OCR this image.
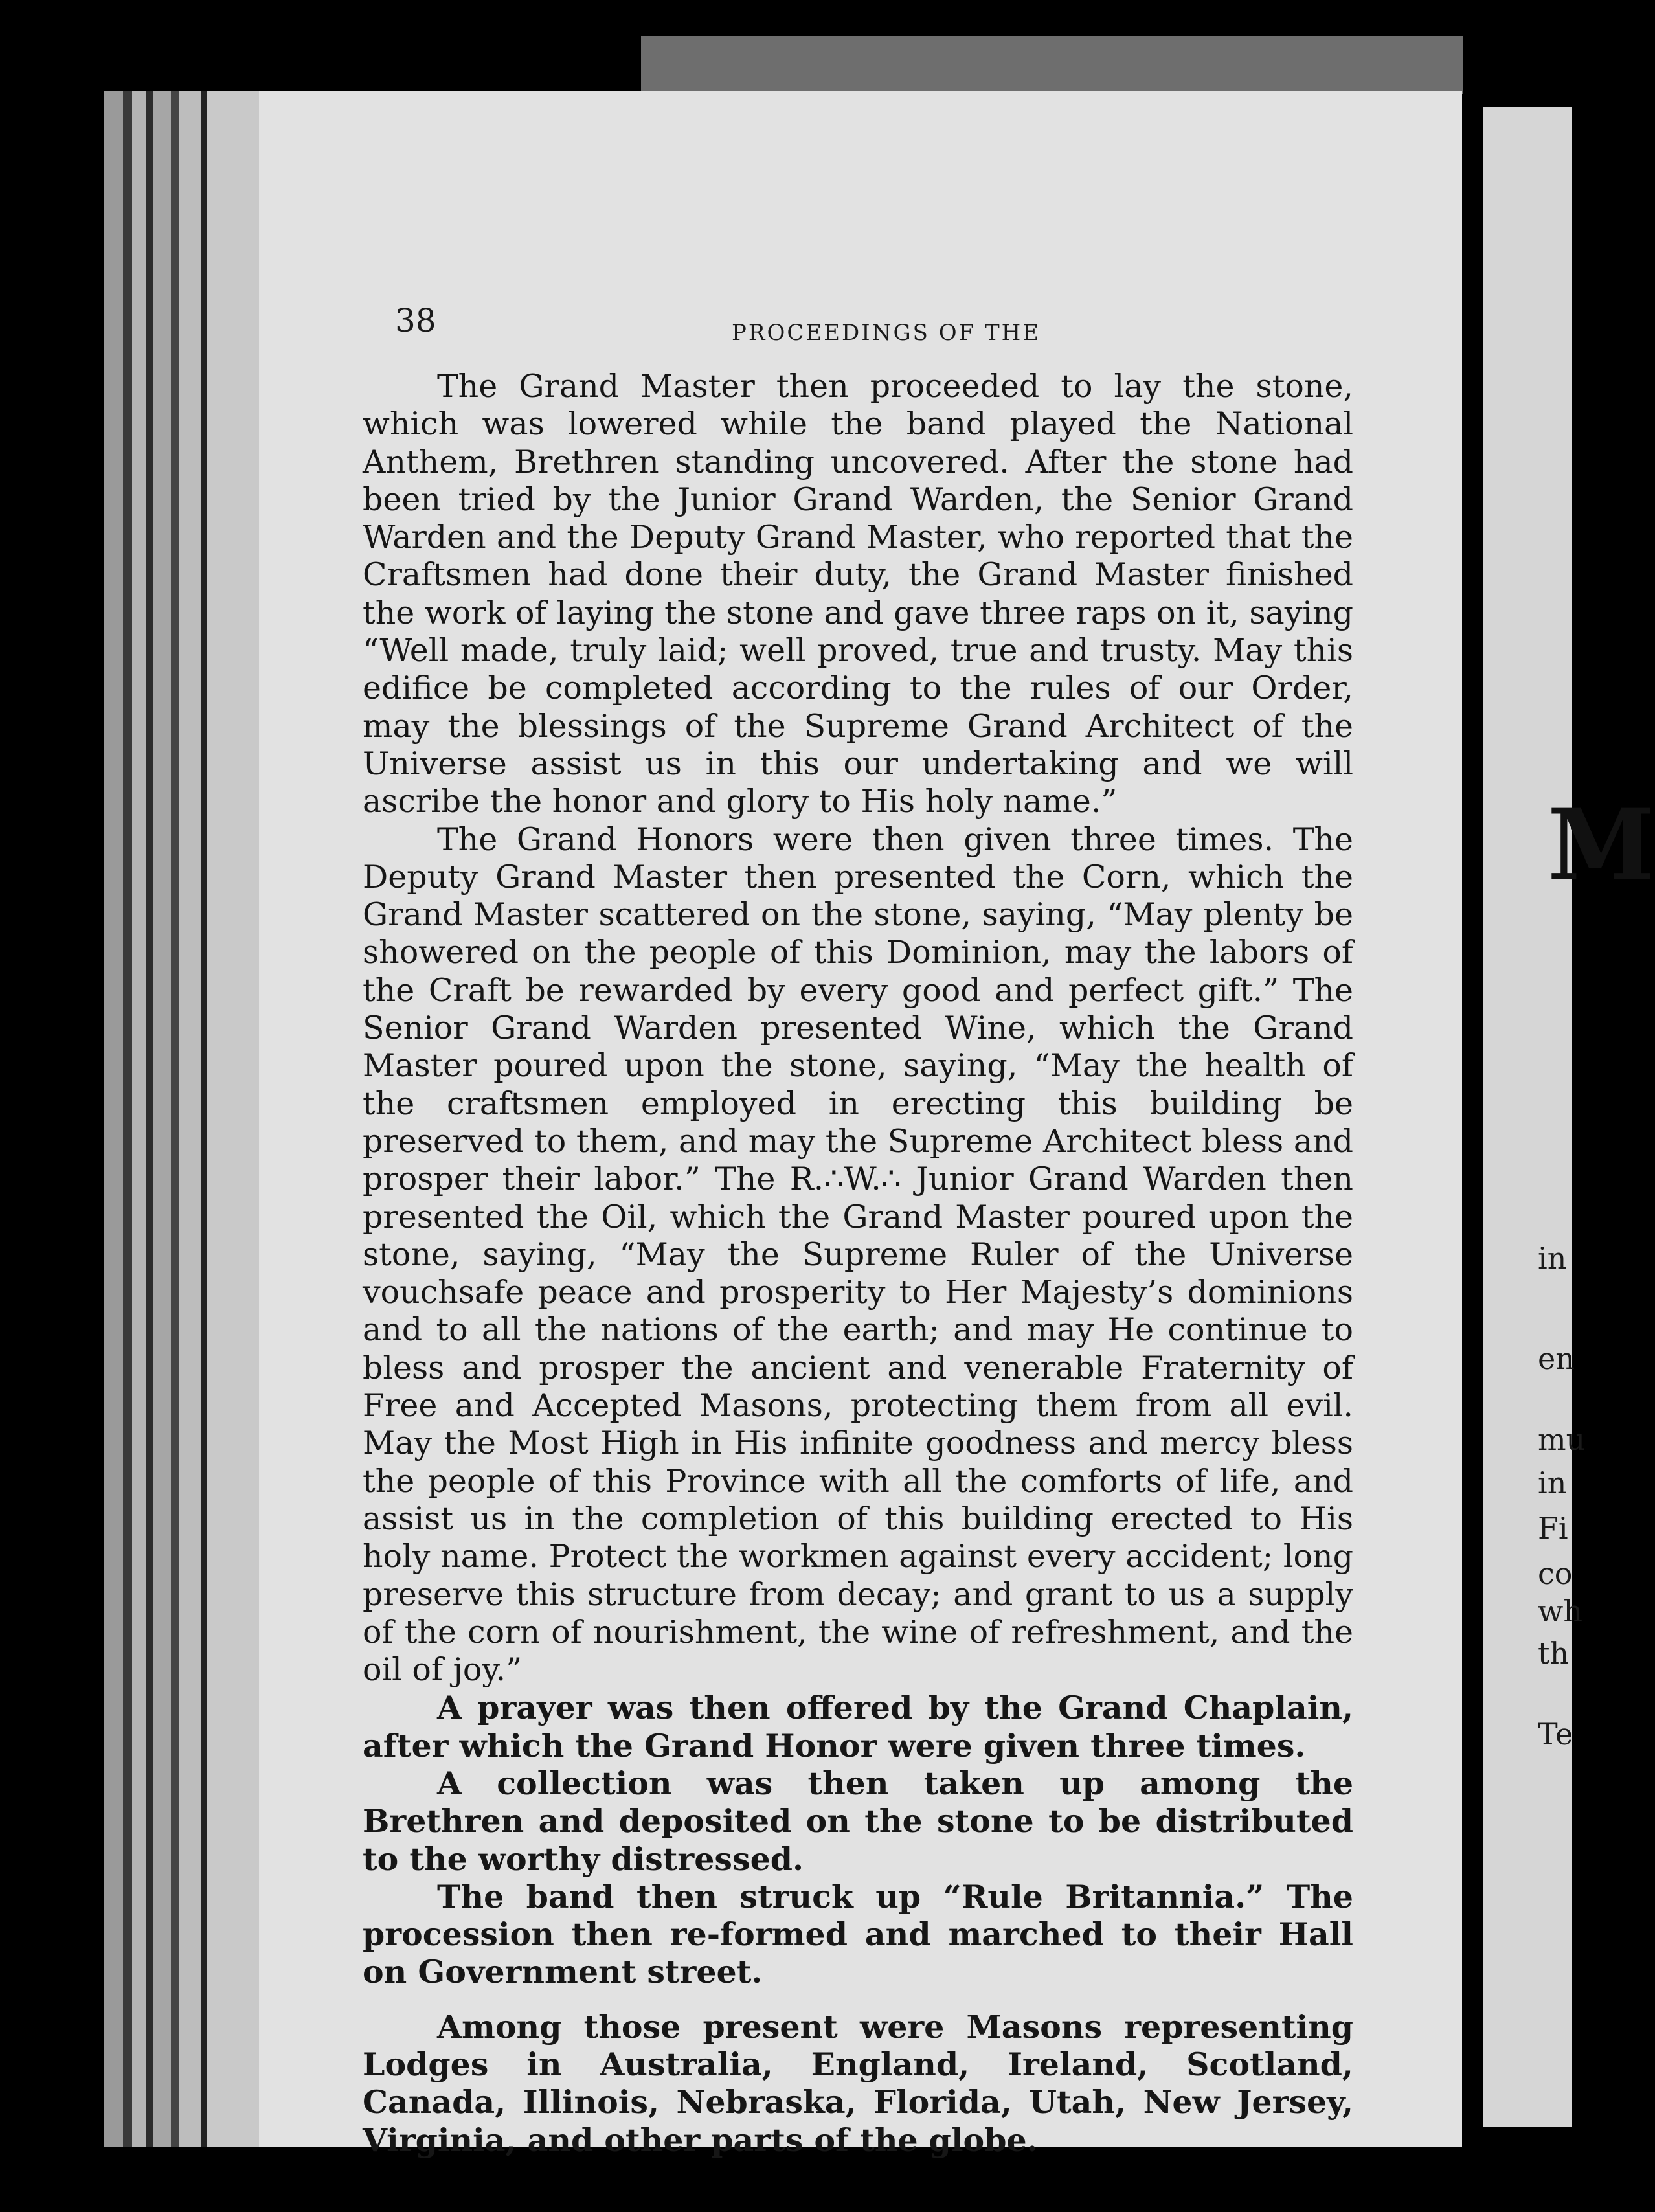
38	PROCEEDINGS OF THE

The Grand Master then proceeded to lay the stone, which was lowered while the band played the National Anthem, Brethren standing uncovered. After the stone had been tried by the Junior Grand Warden, the Senior Grand Warden and the Deputy Grand Master, who reported that the Craftsmen had done their duty, the Grand Master finished the work of laying the stone and gave three raps on it, saying “Well made, truly laid; well proved, true and trusty. May this edifice be completed according to the rules of our Order, may the blessings of the Supreme Grand Architect of the Universe assist us in this our undertaking and we will ascribe the honor and glory to His holy name.”

The Grand Honors were then given three times. The Deputy Grand Master then presented the Corn, which the Grand Master scattered on the stone, saying, “May plenty be showered on the people of this Dominion, may the labors of the Craft be rewarded by every good and perfect gift.” The Senior Grand Warden presented Wine, which the Grand Master poured upon the stone, saying, “May the health of the craftsmen employed in erecting this building be preserved to them, and may the Supreme Architect bless and prosper their labor.” The R.∴W.∴ Junior Grand Warden then presented the Oil, which the Grand Master poured upon the stone, saying, “May the Supreme Ruler of the Universe vouchsafe peace and prosperity to Her Majesty’s dominions and to all the nations of the earth; and may He continue to bless and prosper the ancient and venerable Fraternity of Free and Accepted Masons, protecting them from all evil. May the Most High in His infinite goodness and mercy bless the people of this Province with all the comforts of life, and assist us in the completion of this building erected to His holy name. Protect the workmen against every accident; long preserve this structure from decay; and grant to us a supply of the corn of nourishment, the wine of refreshment, and the oil of joy.”

A prayer was then offered by the Grand Chaplain, after which the Grand Honor were given three times.

A collection was then taken up among the Brethren and deposited on the stone to be distributed to the worthy distressed.

The band then struck up “Rule Britannia.” The procession then re-formed and marched to their Hall on Government street.

Among those present were Masons representing Lodges in Australia, England, Ireland, Scotland, Canada, Illinois, Nebraska, Florida, Utah, New Jersey, Virginia, and other parts of the globe.

M
in
en
mu
in
Fi
co
wh
th
Te
